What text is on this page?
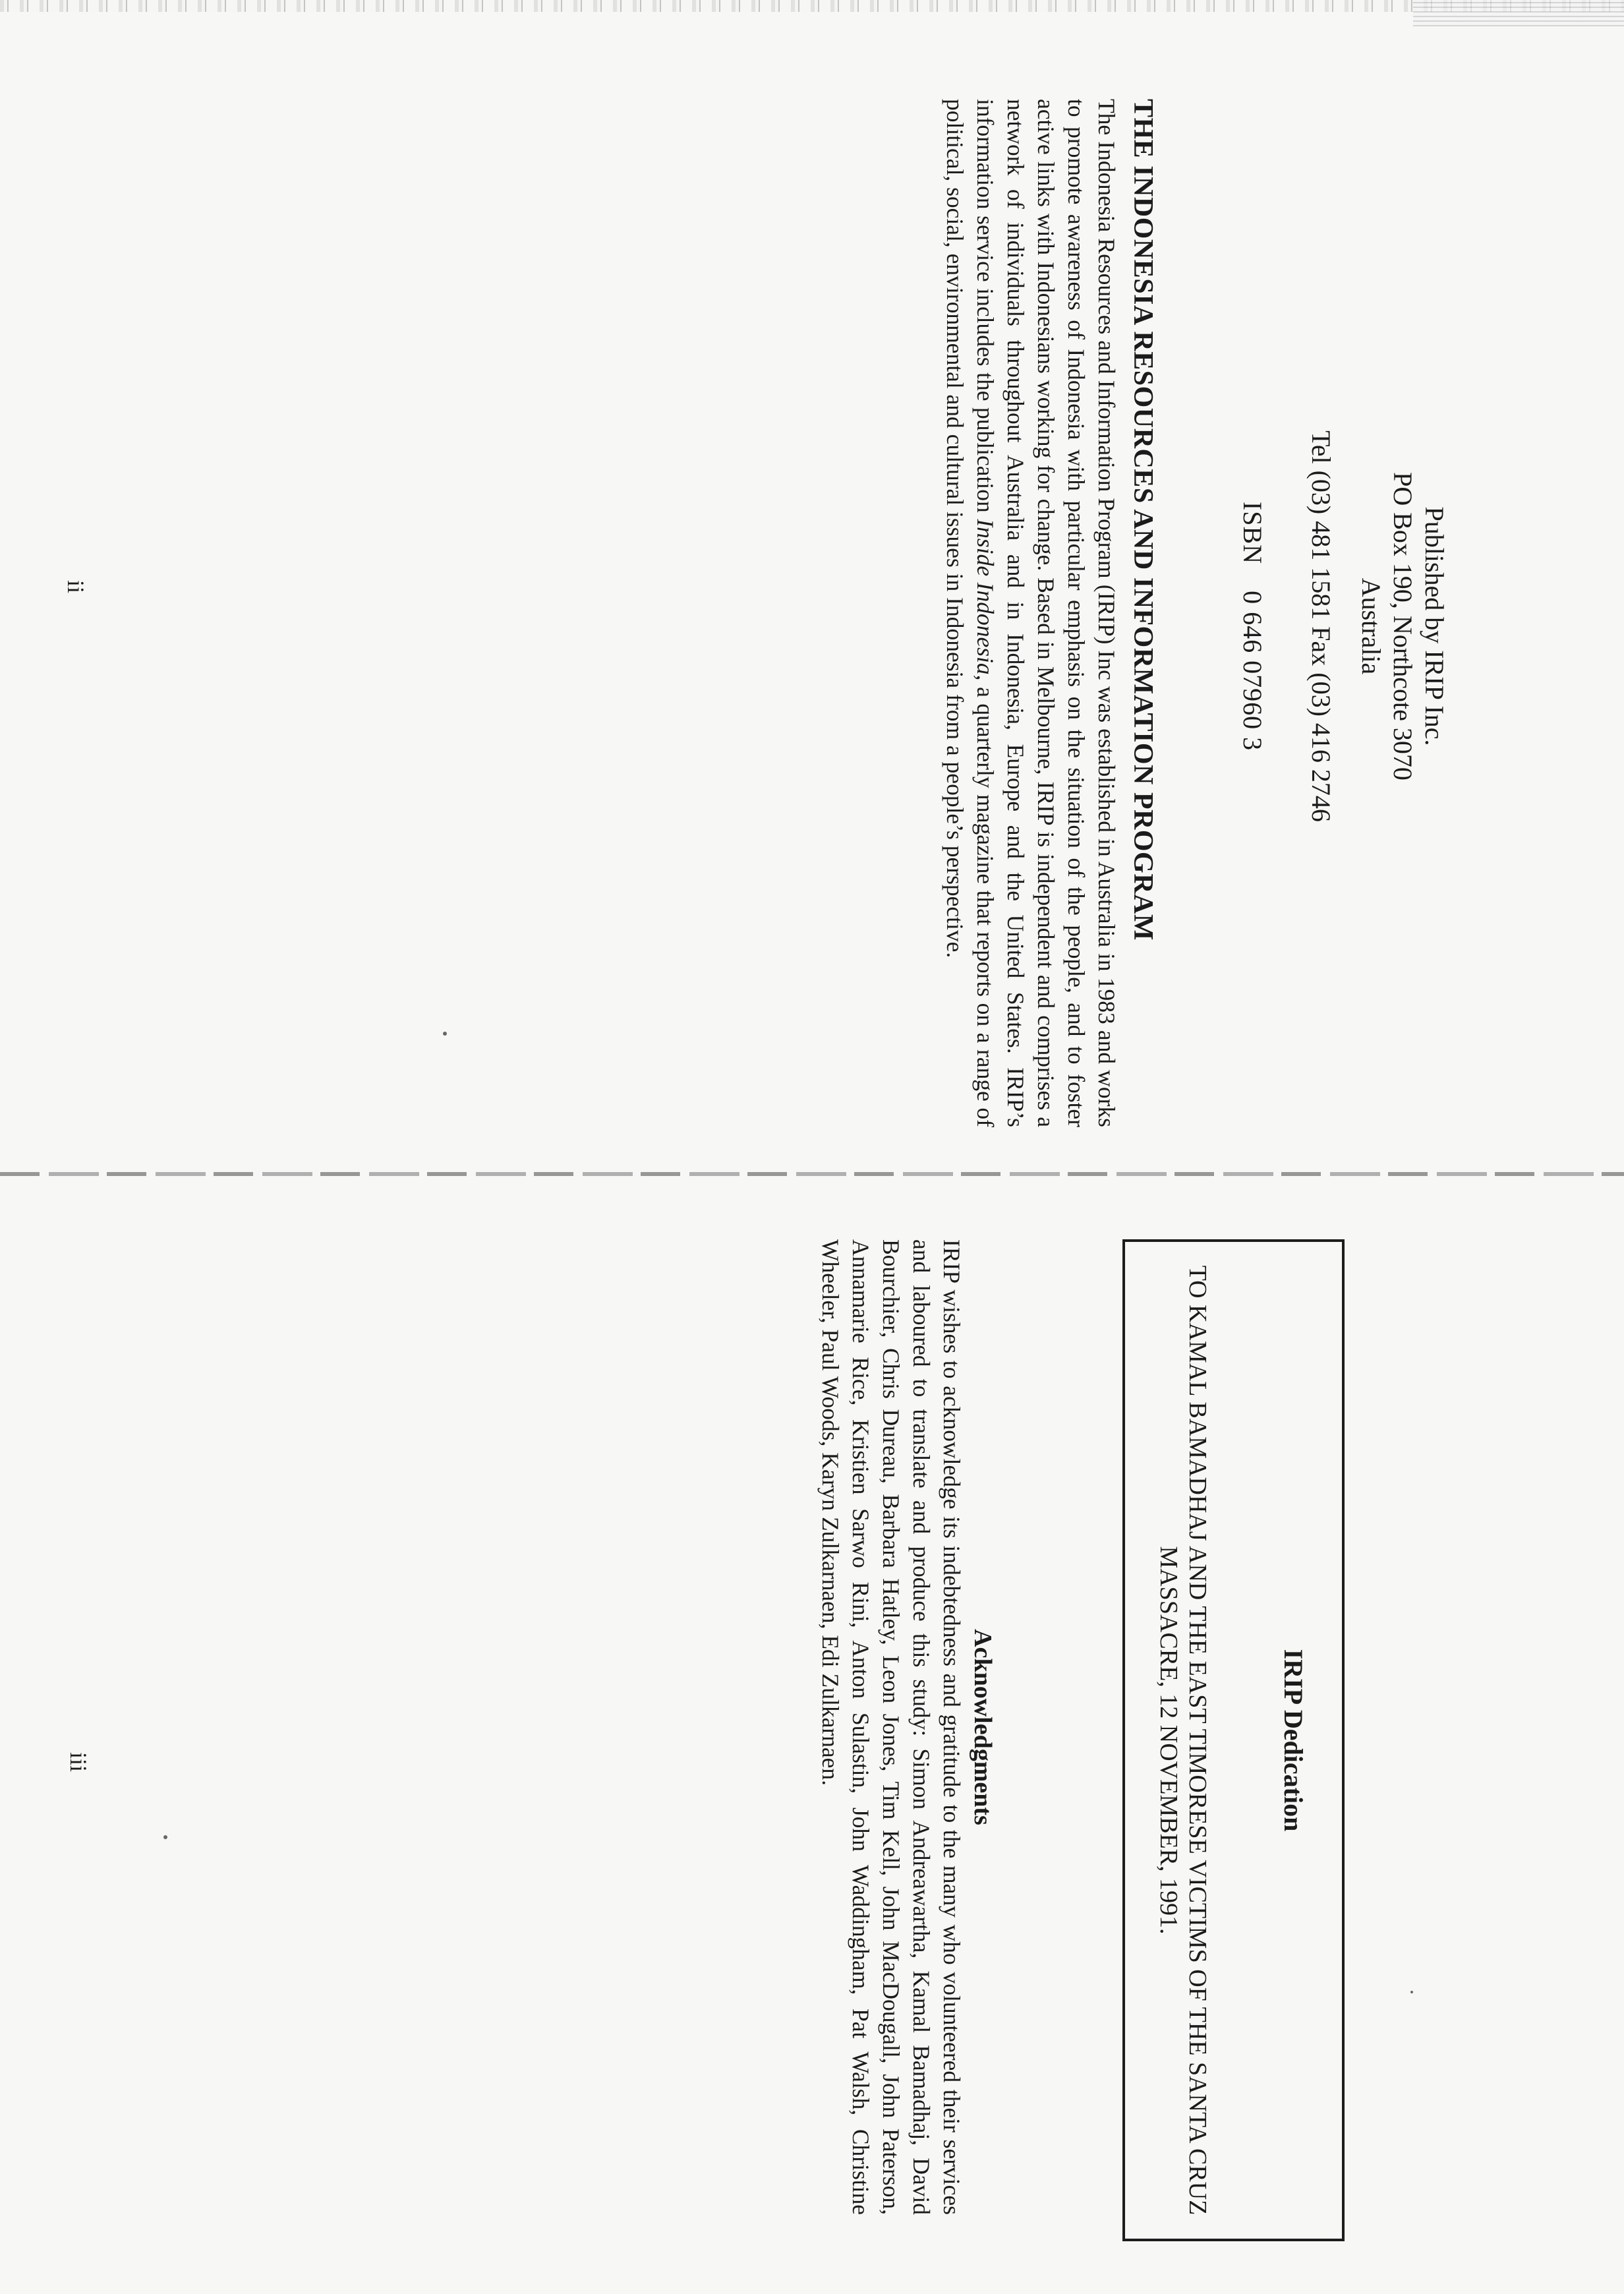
Published by IRIP Inc.
PO Box 190, Northcote 3070
Australia
Tel (03) 481 1581 Fax (03) 416 2746
ISBN0 646 07960 3
THE INDONESIA RESOURCES AND INFORMATION PROGRAM

The Indonesia Resources and Information Program (IRIP) Inc was established in Australia in 1983 and works to promote awareness of Indonesia with particular emphasis on the situation of the people, and to foster active links with Indonesians working for change. Based in Melbourne, IRIP is independent and comprises a network of individuals throughout Australia and in Indonesia, Europe and the United States. IRIP’s information service includes the publication Inside Indonesia, a quarterly magazine that reports on a range of political, social, environmental and cultural issues in Indonesia from a people’s perspective.

ii
IRIP Dedication

TO KAMAL BAMADHAJ AND THE EAST TIMORESE VICTIMS OF THE SANTA CRUZ MASSACRE, 12 NOVEMBER, 1991.

Acknowledgments

IRIP wishes to acknowledge its indebtedness and gratitude to the many who volunteered their services and laboured to translate and produce this study: Simon Andreawartha, Kamal Bamadhaj, David Bourchier, Chris Dureau, Barbara Hatley, Leon Jones, Tim Kell, John MacDougall, John Paterson, Annamarie Rice, Kristien Sarwo Rini, Anton Sulastin, John Waddingham, Pat Walsh, Christine Wheeler, Paul Woods, Karyn Zulkarnaen, Edi Zulkarnaen.

iii
